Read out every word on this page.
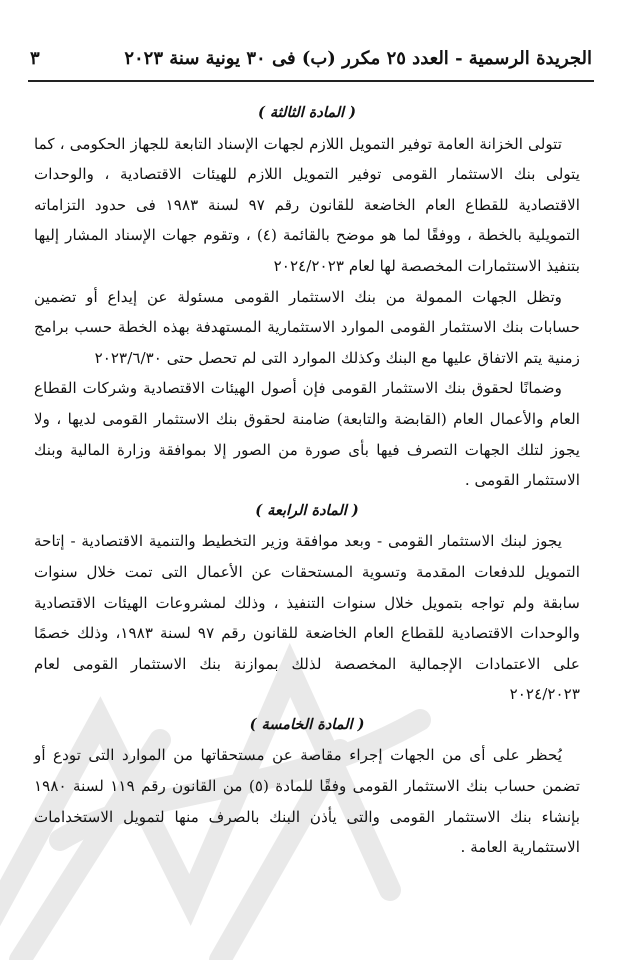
الجريدة الرسمية - العدد ٢٥ مكرر (ب) فى ٣٠ يونية سنة ٢٠٢٣
٣

( المادة الثالثة )

تتولى الخزانة العامة توفير التمويل اللازم لجهات الإسناد التابعة للجهاز الحكومى ، كما يتولى بنك الاستثمار القومى توفير التمويل اللازم للهيئات الاقتصادية ، والوحدات الاقتصادية للقطاع العام الخاضعة للقانون رقم ٩٧ لسنة ١٩٨٣ فى حدود التزاماته التمويلية بالخطة ، ووفقًا لما هو موضح بالقائمة (٤) ، وتقوم جهات الإسناد المشار إليها بتنفيذ الاستثمارات المخصصة لها لعام ٢٠٢٤/٢٠٢٣

وتظل الجهات الممولة من بنك الاستثمار القومى مسئولة عن إيداع أو تضمين حسابات بنك الاستثمار القومى الموارد الاستثمارية المستهدفة بهذه الخطة حسب برامج زمنية يتم الاتفاق عليها مع البنك وكذلك الموارد التى لم تحصل حتى ٢٠٢٣/٦/٣٠

وضمانًا لحقوق بنك الاستثمار القومى فإن أصول الهيئات الاقتصادية وشركات القطاع العام والأعمال العام (القابضة والتابعة) ضامنة لحقوق بنك الاستثمار القومى لديها ، ولا يجوز لتلك الجهات التصرف فيها بأى صورة من الصور إلا بموافقة وزارة المالية وبنك الاستثمار القومى .

( المادة الرابعة )

يجوز لبنك الاستثمار القومى - وبعد موافقة وزير التخطيط والتنمية الاقتصادية - إتاحة التمويل للدفعات المقدمة وتسوية المستحقات عن الأعمال التى تمت خلال سنوات سابقة ولم تواجه بتمويل خلال سنوات التنفيذ ، وذلك لمشروعات الهيئات الاقتصادية والوحدات الاقتصادية للقطاع العام الخاضعة للقانون رقم ٩٧ لسنة ١٩٨٣، وذلك خصمًا على الاعتمادات الإجمالية المخصصة لذلك بموازنة بنك الاستثمار القومى لعام ٢٠٢٤/٢٠٢٣

( المادة الخامسة )

يُحظر على أى من الجهات إجراء مقاصة عن مستحقاتها من الموارد التى تودع أو تضمن حساب بنك الاستثمار القومى وفقًا للمادة (٥) من القانون رقم ١١٩ لسنة ١٩٨٠ بإنشاء بنك الاستثمار القومى والتى يأذن البنك بالصرف منها لتمويل الاستخدامات الاستثمارية العامة .
